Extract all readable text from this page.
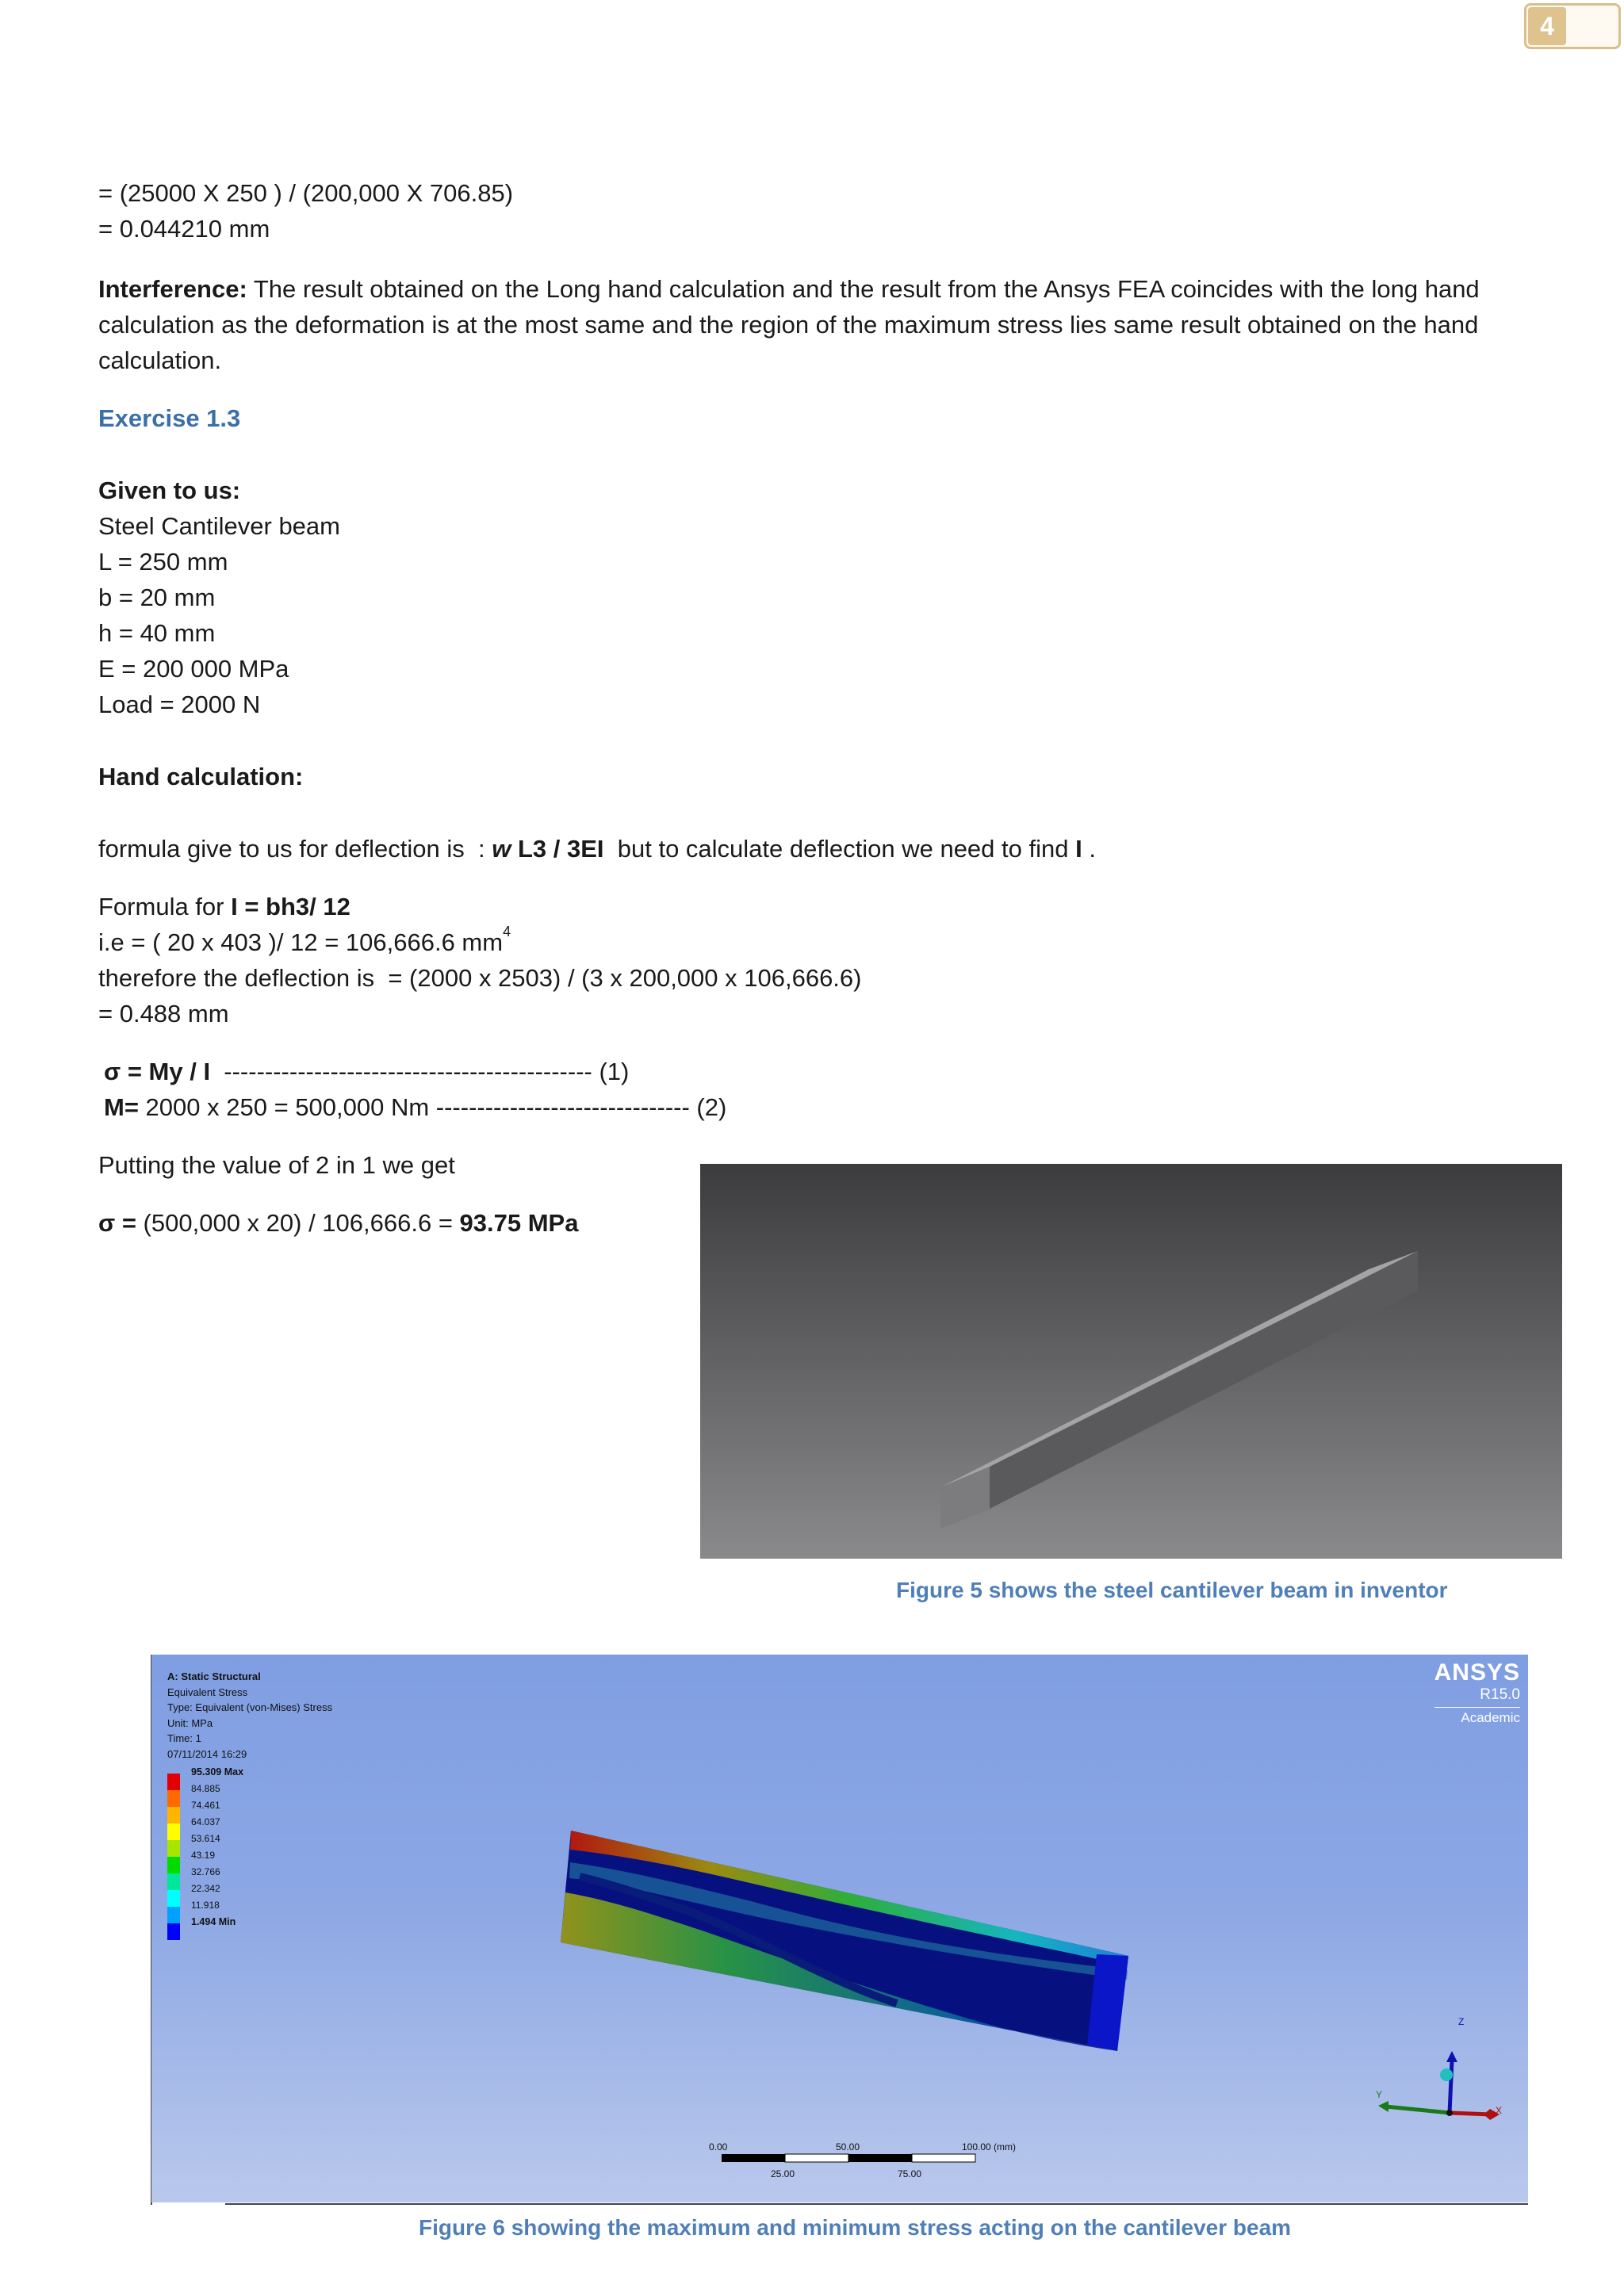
4
= (25000 X 250 ) / (200,000 X 706.85)
= 0.044210 mm
Interference: The result obtained on the Long hand calculation and the result from the Ansys FEA coincides with the long hand calculation as the deformation is at the most same and the region of the maximum stress lies same result obtained on the hand calculation.
Exercise 1.3
Given to us:
Steel Cantilever beam
L = 250 mm
b = 20 mm
h = 40 mm
E = 200 000 MPa
Load = 2000 N
Hand calculation:
formula give to us for deflection is  : w L3 / 3EI  but to calculate deflection we need to find I .
Formula for I = bh3/ 12
i.e = ( 20 x 403 )/ 12 = 106,666.6 $mm^4$
therefore the deflection is  = (2000 x 2503) / (3 x 200,000 x 106,666.6)
= 0.488 mm
σ = My / I  --------------------------------------------- (1)
M= 2000 x 250 = 500,000 Nm ------------------------------- (2)
Putting the value of 2 in 1 we get
σ = (500,000 x 20) / 106,666.6 = 93.75 MPa
Figure 5 shows the steel cantilever beam in inventor
A: Static Structural
Equivalent Stress
Type: Equivalent (von-Mises) Stress
Unit: MPa
Time: 1
07/11/2014 16:29
95.309 Max
84.885
74.461
64.037
53.614
43.19
32.766
22.342
11.918
1.494 Min
ANSYS
R15.0
Academic
0.00	50.00	100.00 (mm)
25.00	75.00
Z
Y
X
Figure 6 showing the maximum and minimum stress acting on the cantilever beam
